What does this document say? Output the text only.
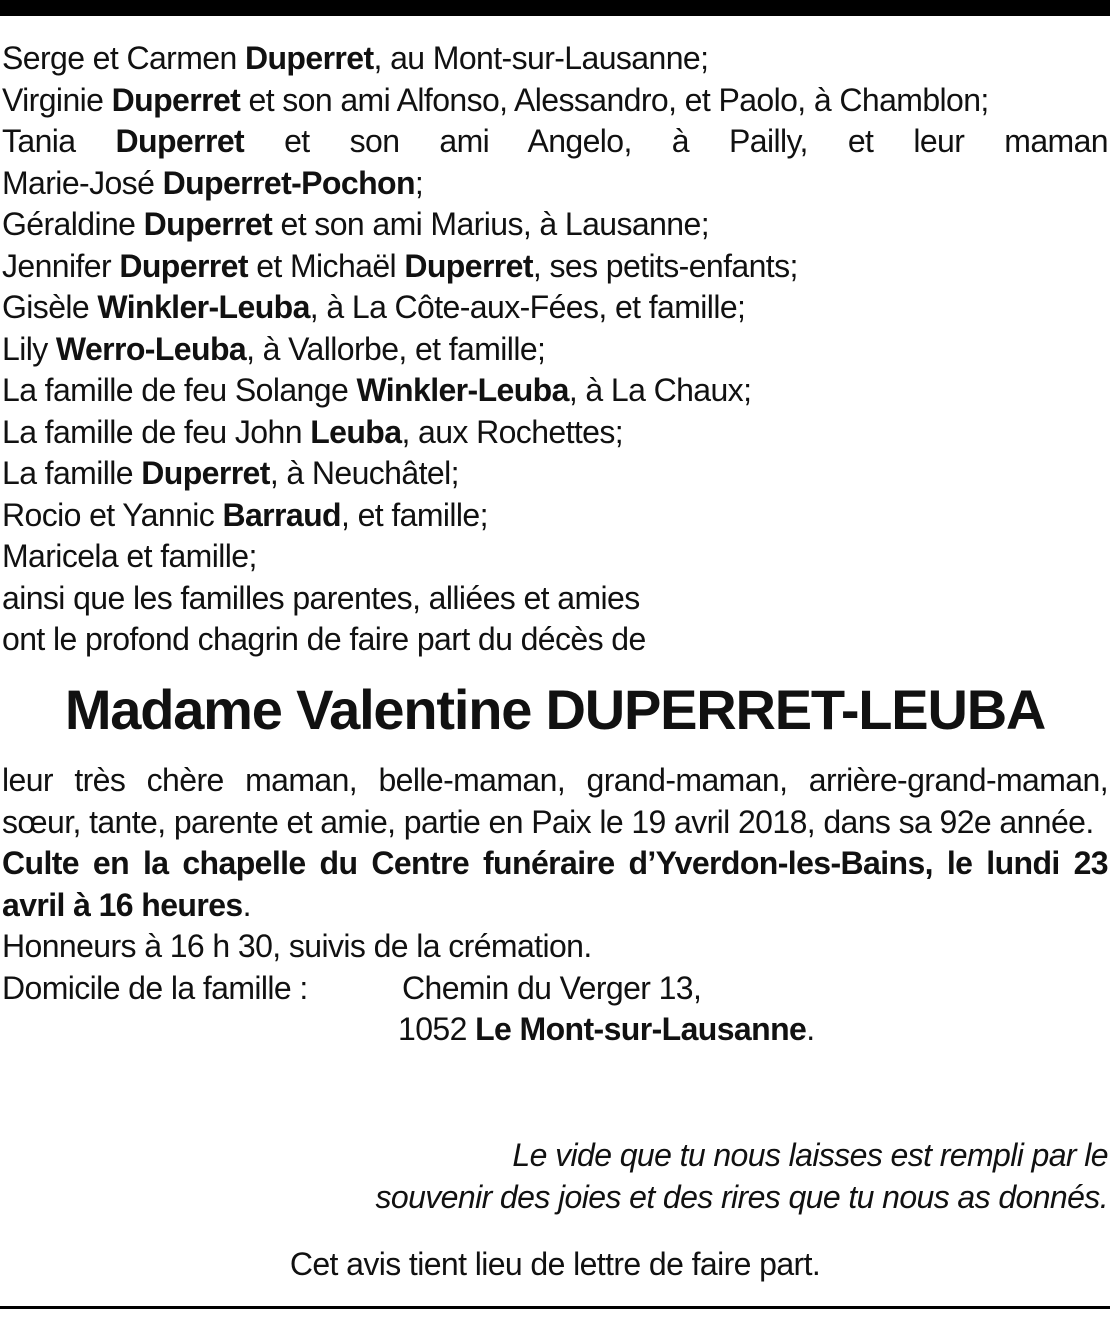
Serge et Carmen Duperret, au Mont-sur-Lausanne;
Virginie Duperret et son ami Alfonso, Alessandro, et Paolo, à Chamblon;
Tania Duperret et son ami Angelo, à Pailly, et leur maman
Marie-José Duperret-Pochon;
Géraldine Duperret et son ami Marius, à Lausanne;
Jennifer Duperret et Michaël Duperret, ses petits-enfants;
Gisèle Winkler-Leuba, à La Côte-aux-Fées, et famille;
Lily Werro-Leuba, à Vallorbe, et famille;
La famille de feu Solange Winkler-Leuba, à La Chaux;
La famille de feu John Leuba, aux Rochettes;
La famille Duperret, à Neuchâtel;
Rocio et Yannic Barraud, et famille;
Maricela et famille;
ainsi que les familles parentes, alliées et amies
ont le profond chagrin de faire part du décès de
Madame Valentine DUPERRET-LEUBA
leur très chère maman, belle-maman, grand-maman, arrière-grand-maman, sœur, tante, parente et amie, partie en Paix le 19 avril 2018, dans sa 92e année.
Culte en la chapelle du Centre funéraire d’Yverdon-les-Bains, le lundi 23 avril à 16 heures.
Honneurs à 16 h 30, suivis de la crémation.
Domicile de la famille :	Chemin du Verger 13,
1052 Le Mont-sur-Lausanne.
Le vide que tu nous laisses est rempli par le
souvenir des joies et des rires que tu nous as donnés.
Cet avis tient lieu de lettre de faire part.
